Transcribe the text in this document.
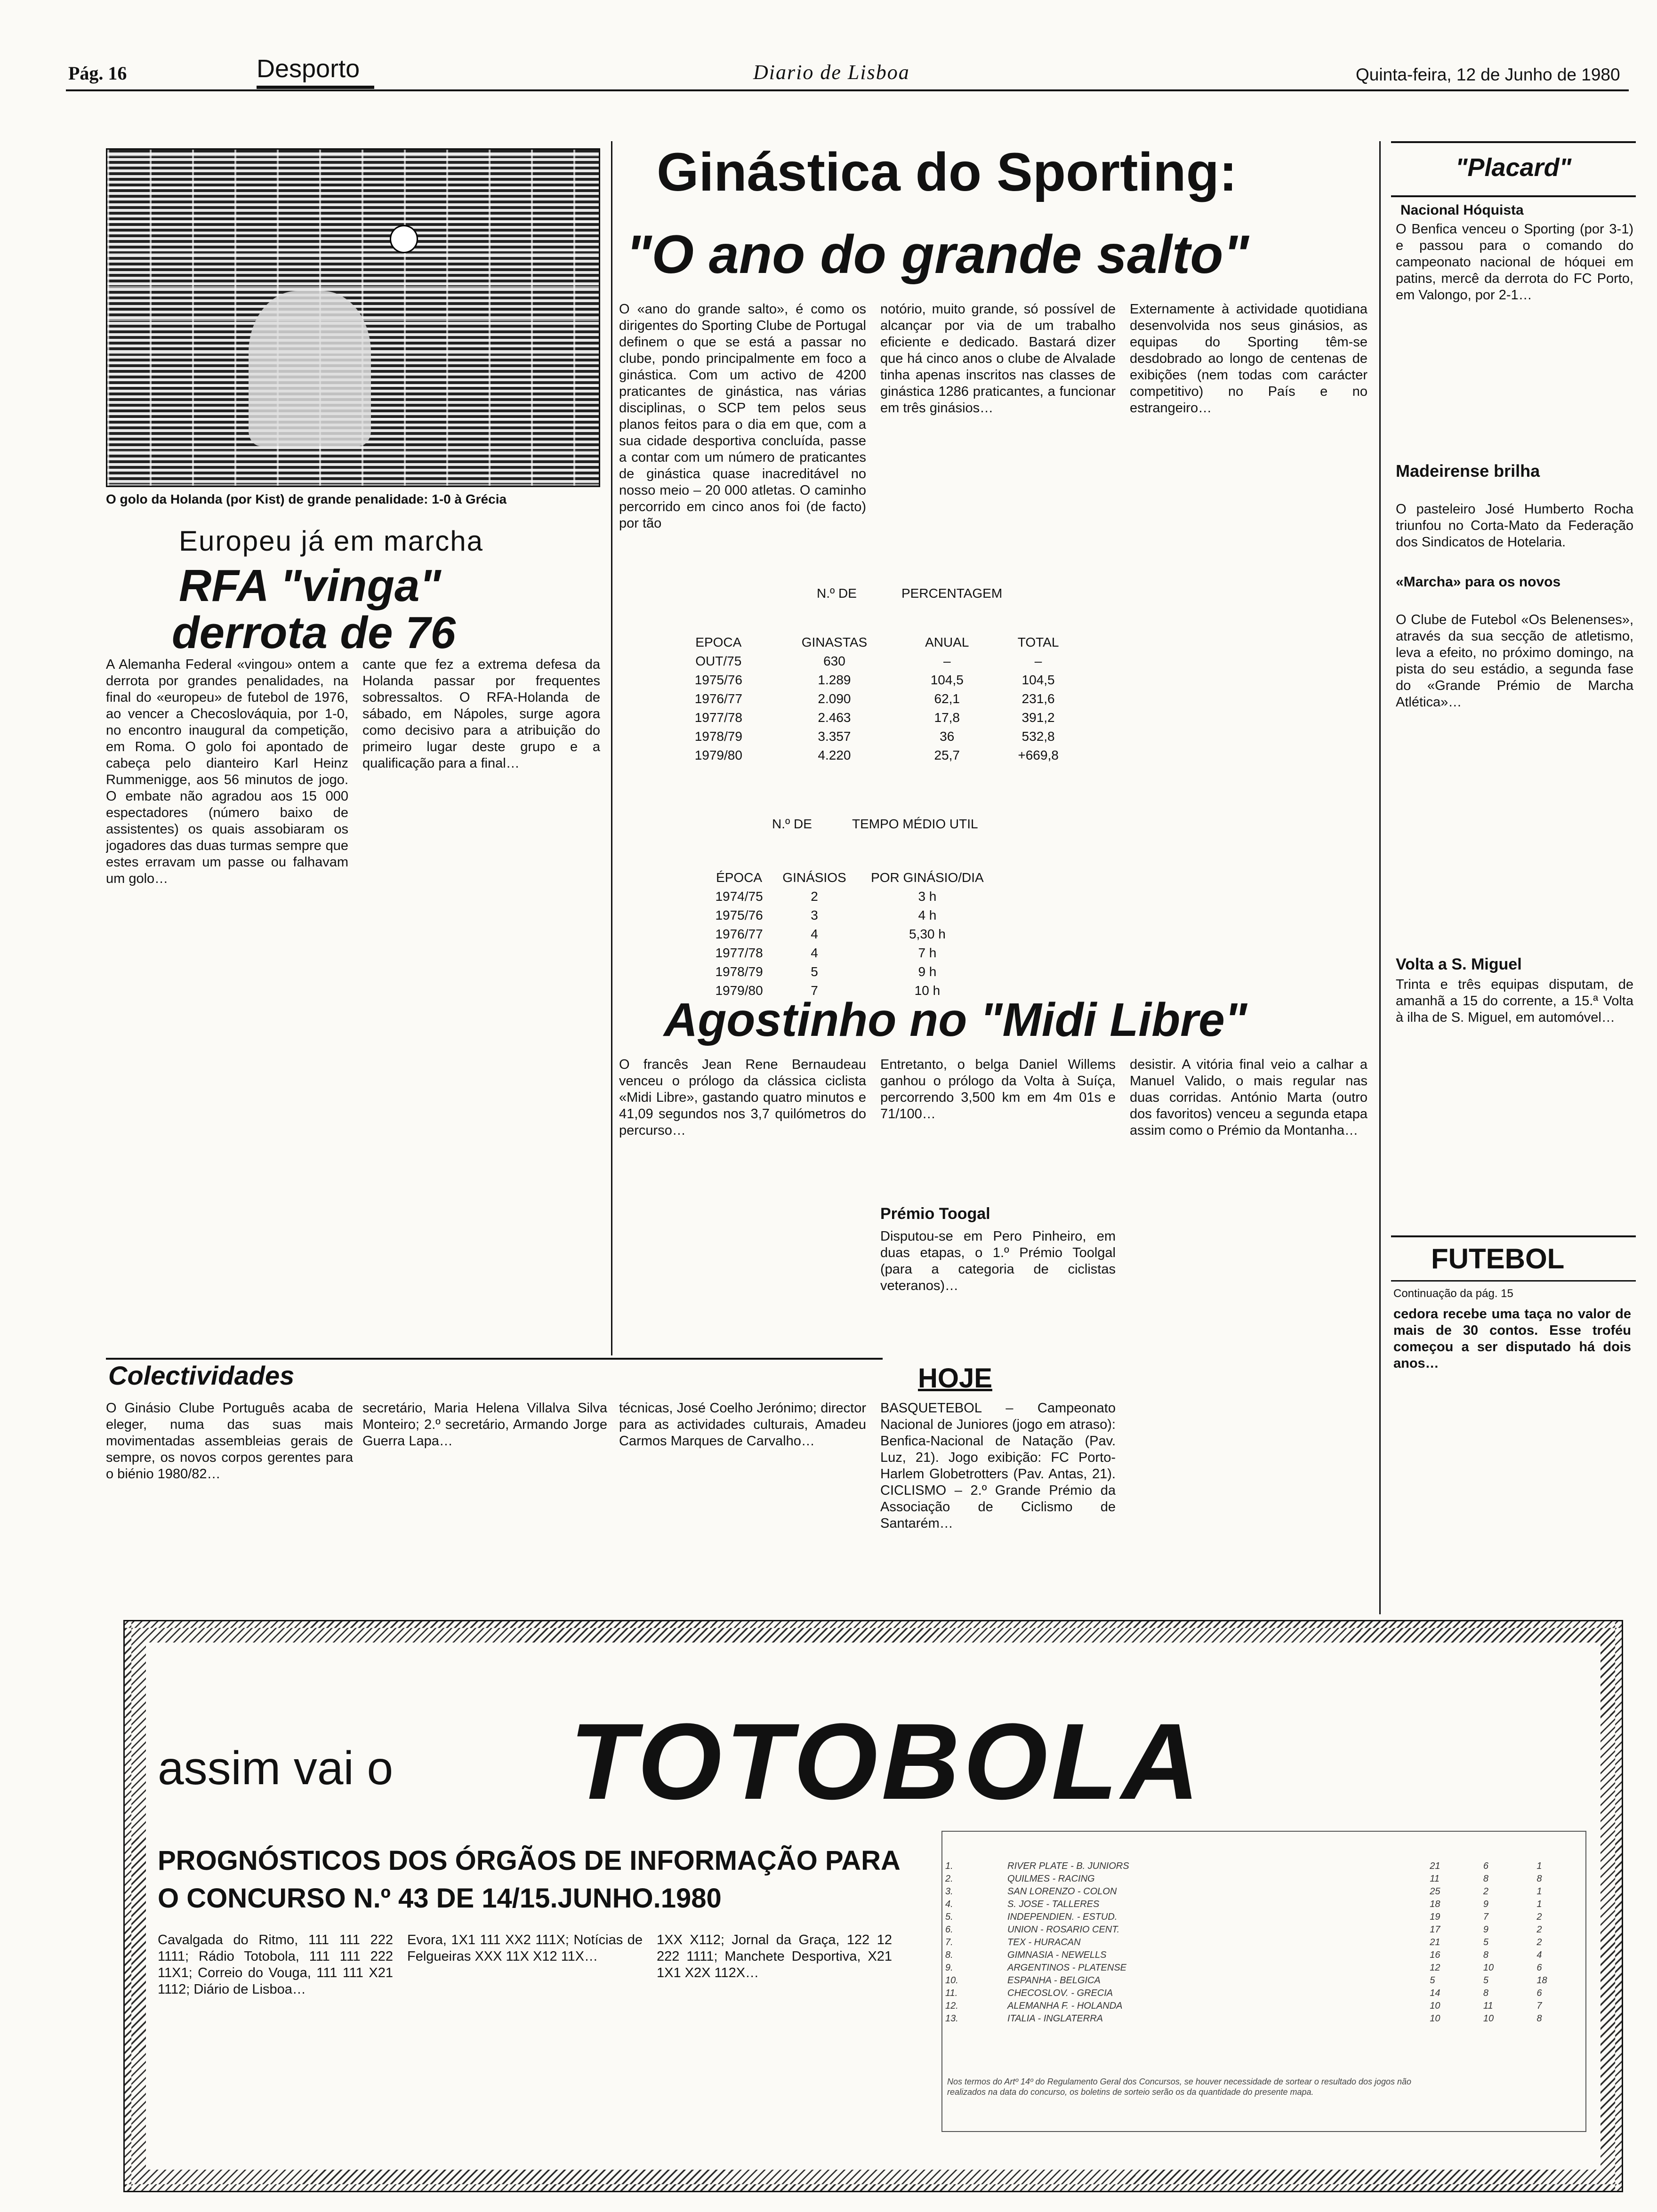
Pág. 16	Desporto	Diario de Lisboa	Quinta-feira, 12 de Junho de 1980
O golo da Holanda (por Kist) de grande penalidade: 1-0 à Grécia
Europeu já em marcha
RFA "vinga"
derrota de 76
A Alemanha Federal «vingou» ontem a derrota por grandes penalidades, na final do «europeu» de futebol de 1976, ao vencer a Checoslováquia, por 1-0, no encontro inaugural da competição, em Roma. O golo foi apontado de cabeça pelo dianteiro Karl Heinz Rummenigge, aos 56 minutos de jogo. O embate não agradou aos 15 000 espectadores (número baixo de assistentes) os quais assobiaram os jogadores das duas turmas sempre que estes erravam um passe ou falhavam um golo…
cante que fez a extrema defesa da Holanda passar por frequentes sobressaltos. O RFA-Holanda de sábado, em Nápoles, surge agora como decisivo para a atribuição do primeiro lugar deste grupo e a qualificação para a final…
Ginástica do Sporting:
"O ano do grande salto"
O «ano do grande salto», é como os dirigentes do Sporting Clube de Portugal definem o que se está a passar no clube, pondo principalmente em foco a ginástica. Com um activo de 4200 praticantes de ginástica, nas várias disciplinas, o SCP tem pelos seus planos feitos para o dia em que, com a sua cidade desportiva concluída, passe a contar com um número de praticantes de ginástica quase inacreditável no nosso meio – 20 000 atletas. O caminho percorrido em cinco anos foi (de facto) por tão
notório, muito grande, só possível de alcançar por via de um trabalho eficiente e dedicado. Bastará dizer que há cinco anos o clube de Alvalade tinha apenas inscritos nas classes de ginástica 1286 praticantes, a funcionar em três ginásios…
Externamente à actividade quotidiana desenvolvida nos seus ginásios, as equipas do Sporting têm-se desdobrado ao longo de centenas de exibições (nem todas com carácter competitivo) no País e no estrangeiro…
N.º DE	PERCENTAGEM
EPOCA	GINASTAS	ANUAL	TOTAL
OUT/75	630	–	–
1975/76	1.289	104,5	104,5
1976/77	2.090	62,1	231,6
1977/78	2.463	17,8	391,2
1978/79	3.357	36	532,8
1979/80	4.220	25,7	+669,8
N.º DE	TEMPO MÉDIO UTIL
ÉPOCA	GINÁSIOS	POR GINÁSIO/DIA
1974/75	2	3 h
1975/76	3	4 h
1976/77	4	5,30 h
1977/78	4	7 h
1978/79	5	9 h
1979/80	7	10 h
Agostinho no "Midi Libre"
O francês Jean Rene Bernaudeau venceu o prólogo da clássica ciclista «Midi Libre», gastando quatro minutos e 41,09 segundos nos 3,7 quilómetros do percurso…
Entretanto, o belga Daniel Willems ganhou o prólogo da Volta à Suíça, percorrendo 3,500 km em 4m 01s e 71/100…
Prémio Toogal
Disputou-se em Pero Pinheiro, em duas etapas, o 1.º Prémio Toolgal (para a categoria de ciclistas veteranos)…
desistir. A vitória final veio a calhar a Manuel Valido, o mais regular nas duas corridas. António Marta (outro dos favoritos) venceu a segunda etapa assim como o Prémio da Montanha…
Colectividades
O Ginásio Clube Português acaba de eleger, numa das suas mais movimentadas assembleias gerais de sempre, os novos corpos gerentes para o biénio 1980/82…
secretário, Maria Helena Villalva Silva Monteiro; 2.º secretário, Armando Jorge Guerra Lapa…
técnicas, José Coelho Jerónimo; director para as actividades culturais, Amadeu Carmos Marques de Carvalho…
HOJE
BASQUETEBOL – Campeonato Nacional de Juniores (jogo em atraso): Benfica-Nacional de Natação (Pav. Luz, 21). Jogo exibição: FC Porto-Harlem Globetrotters (Pav. Antas, 21). CICLISMO – 2.º Grande Prémio da Associação de Ciclismo de Santarém…
"Placard"
Nacional Hóquista
O Benfica venceu o Sporting (por 3-1) e passou para o comando do campeonato nacional de hóquei em patins, mercê da derrota do FC Porto, em Valongo, por 2-1…
Madeirense brilha
O pasteleiro José Humberto Rocha triunfou no Corta-Mato da Federação dos Sindicatos de Hotelaria.
«Marcha» para os novos
O Clube de Futebol «Os Belenenses», através da sua secção de atletismo, leva a efeito, no próximo domingo, na pista do seu estádio, a segunda fase do «Grande Prémio de Marcha Atlética»…
Volta a S. Miguel
Trinta e três equipas disputam, de amanhã a 15 do corrente, a 15.ª Volta à ilha de S. Miguel, em automóvel…
FUTEBOL
Continuação da pág. 15
cedora recebe uma taça no valor de mais de 30 contos. Esse troféu começou a ser disputado há dois anos…
assim vai o TOTOBOLA
PROGNÓSTICOS DOS ÓRGÃOS DE INFORMAÇÃO PARA
O CONCURSO N.º 43 DE 14/15.JUNHO.1980
Cavalgada do Ritmo, 111 111 222 1111; Rádio Totobola, 111 111 222 11X1; Correio do Vouga, 111 111 X21 1112; Diário de Lisboa…
Evora, 1X1 111 XX2 111X; Notícias de Felgueiras XXX 11X X12 11X…
1XX X112; Jornal da Graça, 122 12 222 1111; Manchete Desportiva, X21 1X1 X2X 112X…
1.	RIVER PLATE - B. JUNIORS	21	6	1
2.	QUILMES - RACING	11	8	8
3.	SAN LORENZO - COLON	25	2	1
4.	S. JOSE - TALLERES	18	9	1
5.	INDEPENDIEN. - ESTUD.	19	7	2
6.	UNION - ROSARIO CENT.	17	9	2
7.	TEX - HURACAN	21	5	2
8.	GIMNASIA - NEWELLS	16	8	4
9.	ARGENTINOS - PLATENSE	12	10	6
10.	ESPANHA - BELGICA	5	5	18
11.	CHECOSLOV. - GRECIA	14	8	6
12.	ALEMANHA F. - HOLANDA	10	11	7
13.	ITALIA - INGLATERRA	10	10	8
Nos termos do Artº 14º do Regulamento Geral dos Concursos, se houver necessidade de sortear o resultado dos jogos não realizados na data do concurso, os boletins de sorteio serão os da quantidade do presente mapa.
